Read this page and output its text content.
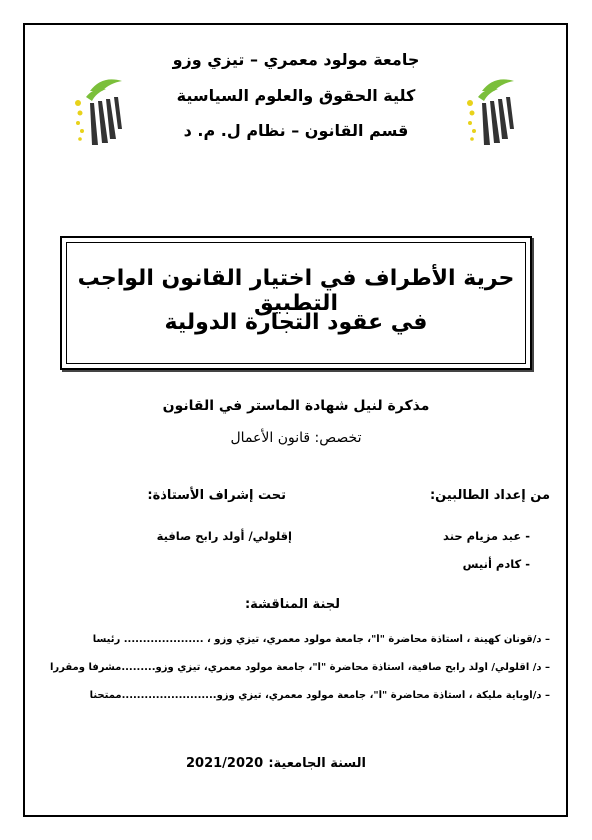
جامعة مولود معمري – تيزي وزو
كلية الحقوق والعلوم السياسية
قسم القانون – نظام ل. م. د
حرية الأطراف في اختيار القانون الواجب التطبيق
في عقود التجارة الدولية
مذكرة لنيل شهادة الماستر في القانون
تخصص: قانون الأعمال
من إعداد الطالبين:
تحت إشراف الأستاذة:
- عبد مزيام حند
- كادم أنيس
إقلولي/ أولد رابح صافية
لجنة المناقشة:
– د/قونان كهينة ، أستاذة محاضرة "أ"، جامعة مولود معمري، تيزي وزو ، ..................... رئيسا
– د/ اقلولي/ أولد رابح صافية، أستاذة محاضرة "أ"، جامعة مولود معمري، تيزي وزو.........مشرفا ومقررا
– د/أوباية مليكة ، أستاذة محاضرة "أ"، جامعة مولود معمري، تيزي وزو.........................ممتحنا
السنة الجامعية:
2021/2020
